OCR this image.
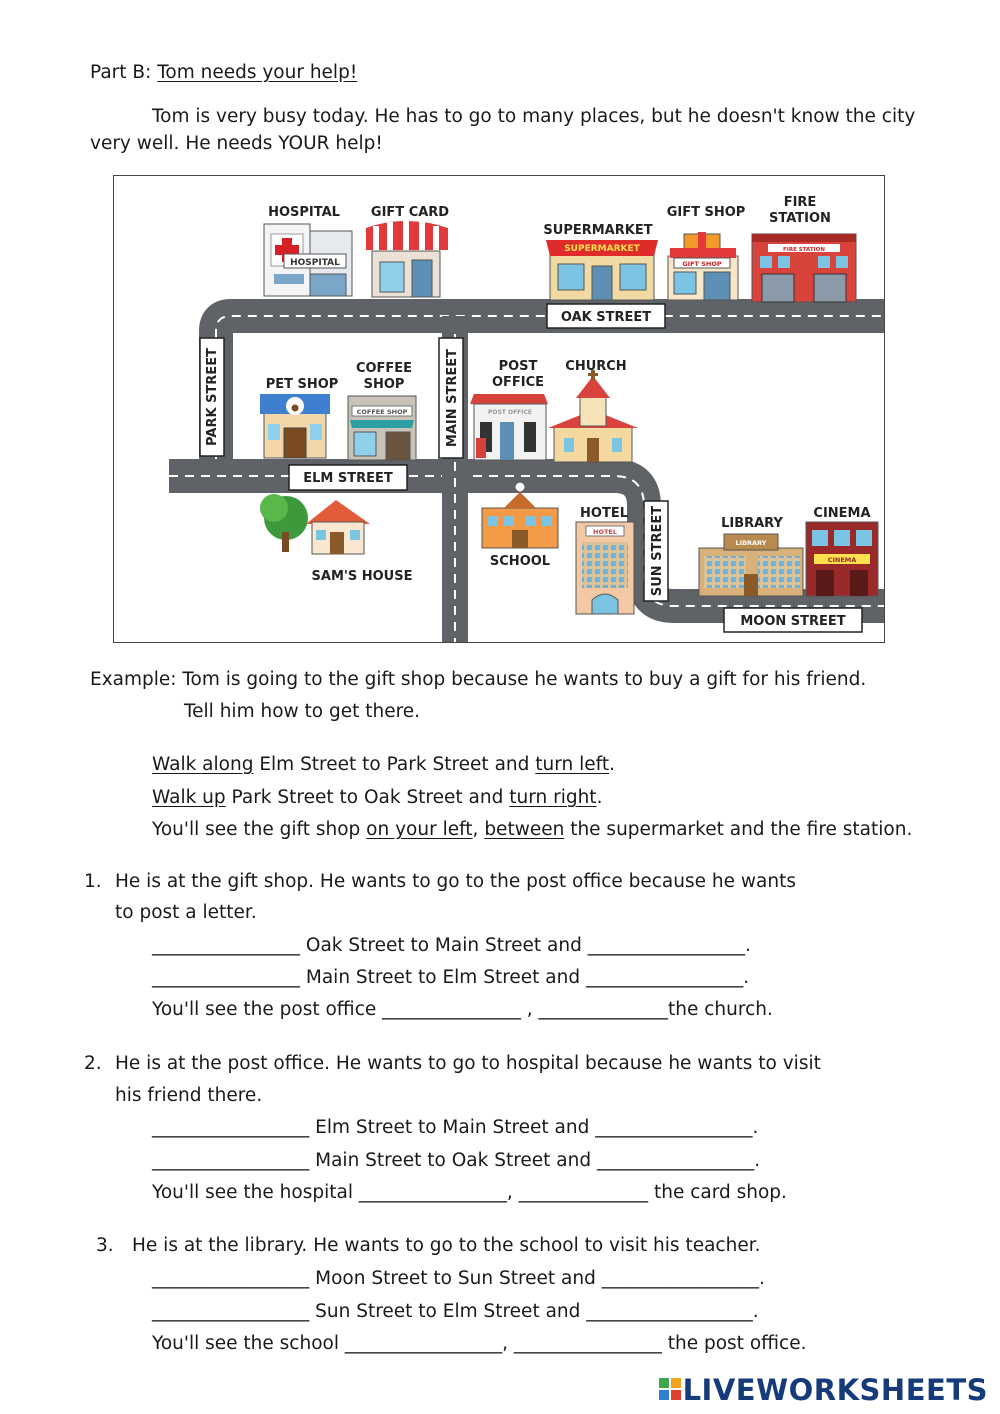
Part B: Tom needs your help!
Tom is very busy today. He has to go to many places, but he doesn't know the city
very well. He needs YOUR help!
OAK STREET
PARK STREET	MAIN STREET
ELM STREET
SUN STREET
MOON STREET
HOSPITAL
HOSPITAL GIFT CARD
SUPERMARKET
SUPERMARKET
GIFT SHOP
GIFT SHOP
FIRE STATION
FIRE
STATION
PET SHOP
COFFEE SHOP
COFFEE
SHOP
POST OFFICE
POST
OFFICE
CHURCH
SAM'S HOUSE
SCHOOL
HOTEL
HOTEL
LIBRARY
LIBRARY
CINEMA
CINEMA
Example: Tom is going to the gift shop because he wants to buy a gift for his friend.
Tell him how to get there.
Walk along Elm Street to Park Street and turn left.
Walk up Park Street to Oak Street and turn right.
You'll see the gift shop on your left, between the supermarket and the fire station.
1. He is at the gift shop. He wants to go to the post office because he wants
to post a letter.
________________ Oak Street to Main Street and _________________.
________________ Main Street to Elm Street and _________________.
You'll see the post office _______________ , ______________the church.
2. He is at the post office. He wants to go to hospital because he wants to visit
his friend there.
_________________ Elm Street to Main Street and _________________.
_________________ Main Street to Oak Street and _________________.
You'll see the hospital ________________, ______________ the card shop.
3. He is at the library. He wants to go to the school to visit his teacher.
_________________ Moon Street to Sun Street and _________________.
_________________ Sun Street to Elm Street and __________________.
You'll see the school _________________, ________________ the post office.
LIVEWORKSHEETS
